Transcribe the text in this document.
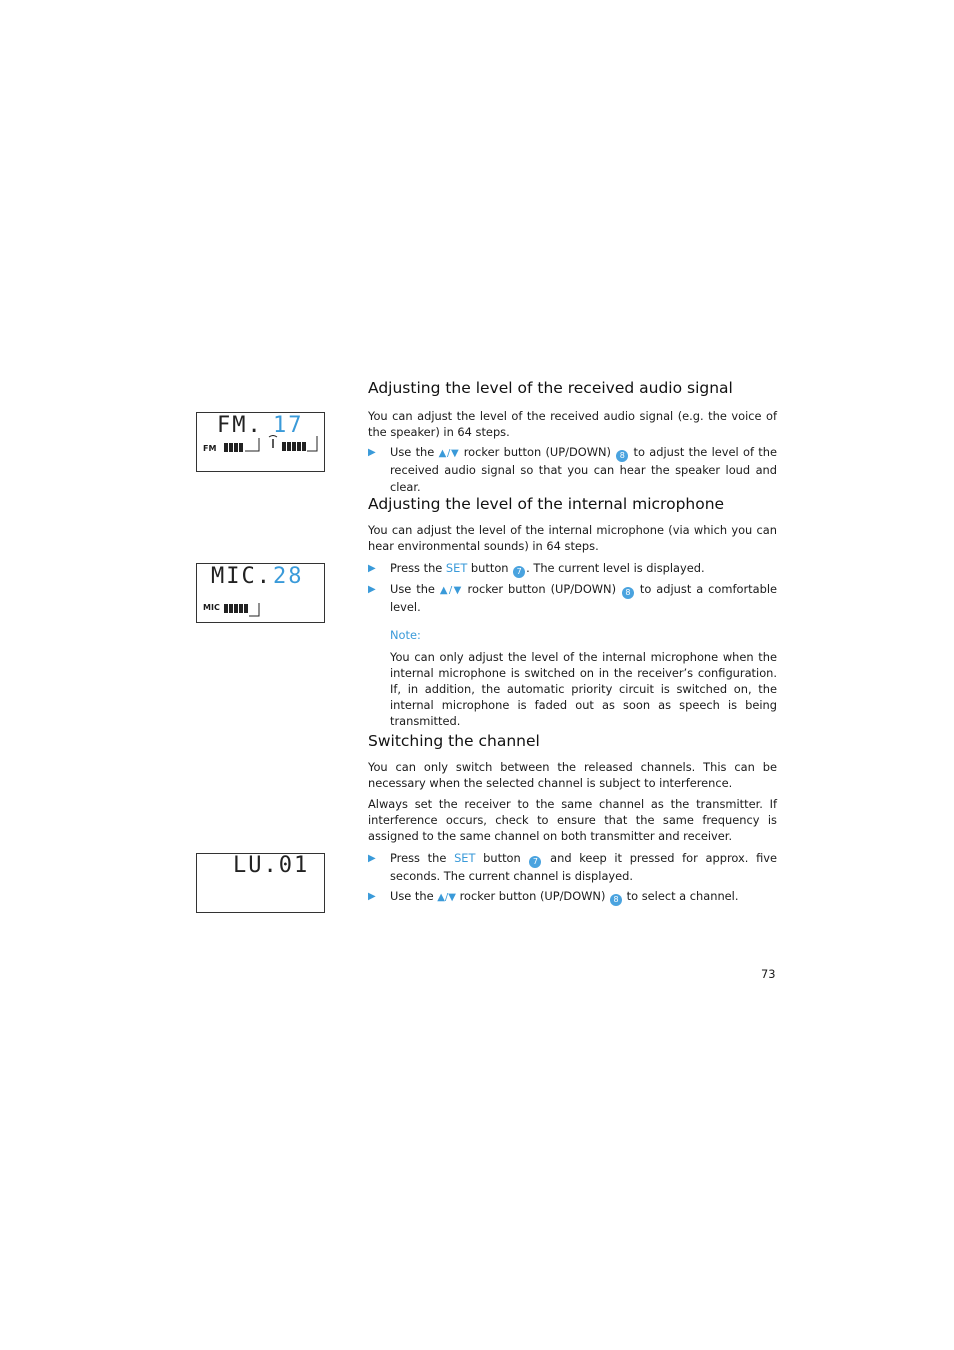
FM. 17
FM
MIC. 28
MIC
LU.01
Adjusting the level of the received audio signal

You can adjust the level of the received audio signal (e.g. the voice of the speaker) in 64 steps.

▶	Use the ▲/▼ rocker button (UP/DOWN) 8 to adjust the level of the received audio signal so that you can hear the speaker loud and clear.
Adjusting the level of the internal microphone

You can adjust the level of the internal microphone (via which you can hear environmental sounds) in 64 steps.

▶	Press the SET button 7 . The current level is displayed.
▶	Use the ▲/▼ rocker button (UP/DOWN) 8 to adjust a comfortable level.
Note:

You can only adjust the level of the internal microphone when the internal microphone is switched on in the receiver’s configuration. If, in addition, the automatic priority circuit is switched on, the internal microphone is faded out as soon as speech is being transmitted.

Switching the channel

You can only switch between the released channels. This can be necessary when the selected channel is subject to interference.

Always set the receiver to the same channel as the transmitter. If interference occurs, check to ensure that the same frequency is assigned to the same channel on both transmitter and receiver.

▶	Press the SET button 7 and keep it pressed for approx. five seconds. The current channel is displayed.
▶	Use the ▲/▼ rocker button (UP/DOWN) 8 to select a channel.
73
